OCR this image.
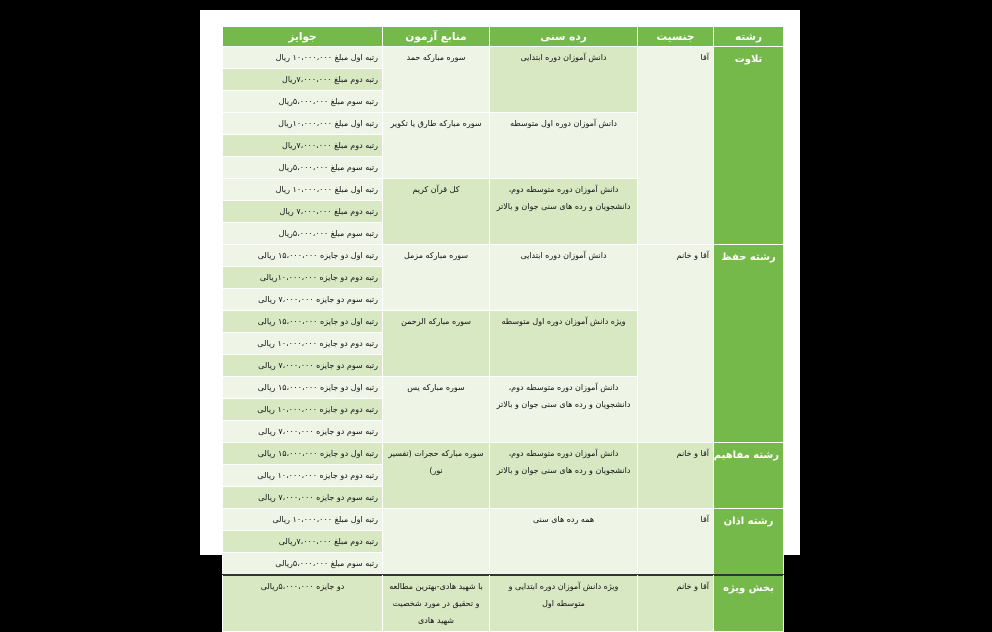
رشته	جنسیت	رده سنی	منابع آزمون	جوایز
تلاوت	آقا	دانش آموزان دوره ابتدایی	سوره مبارکه حمد	رتبه اول مبلغ ۱۰،۰۰۰،۰۰۰ ریال
				رتبه دوم مبلغ ۷،۰۰۰،۰۰۰ریال
				رتبه سوم مبلغ ۵،۰۰۰،۰۰۰ریال
		دانش آموزان دوره اول متوسطه	سوره مبارکه طارق یا تکویر	رتبه اول مبلغ ۱۰،۰۰۰،۰۰۰ریال
				رتبه دوم مبلغ ۷،۰۰۰،۰۰۰ریال
				رتبه سوم مبلغ ۵،۰۰۰،۰۰۰ریال
		دانش آموزان دوره متوسطه دوم، دانشجویان و رده های سنی جوان و بالاتر	کل قرآن کریم	رتبه اول مبلغ ۱۰،۰۰۰،۰۰۰ ریال
				رتبه دوم مبلغ ۷،۰۰۰،۰۰۰ ریال
				رتبه سوم مبلغ ۵،۰۰۰،۰۰۰ریال
رشته حفظ	آقا و خانم	دانش آموزان دوره ابتدایی	سوره مبارکه مزمل	رتبه اول دو جایزه ۱۵،۰۰۰،۰۰۰ ریالی
				رتبه دوم دو جایزه ۱۰،۰۰۰،۰۰۰ریالی
				رتبه سوم دو جایزه ۷،۰۰۰،۰۰۰ ریالی
		ویژه دانش آموزان دوره اول متوسطه	سوره مبارکه الرحمن	رتبه اول دو جایزه ۱۵،۰۰۰،۰۰۰ ریالی
				رتبه دوم دو جایزه ۱۰،۰۰۰،۰۰۰ ریالی
				رتبه سوم دو جایزه ۷،۰۰۰،۰۰۰ ریالی
		دانش آموزان دوره متوسطه دوم، دانشجویان و رده های سنی جوان و بالاتر	سوره مبارکه یس	رتبه اول دو جایزه ۱۵،۰۰۰،۰۰۰ ریالی
				رتبه دوم دو جایزه ۱۰،۰۰۰،۰۰۰ ریالی
				رتبه سوم دو جایزه ۷،۰۰۰،۰۰۰ ریالی
رشته مفاهیم	آقا و خانم	دانش آموزان دوره متوسطه دوم، دانشجویان و رده های سنی جوان و بالاتر	سوره مبارکه حجرات (تفسیر نور)	رتبه اول دو جایزه ۱۵،۰۰۰،۰۰۰ ریالی
				رتبه دوم دو جایزه ۱۰،۰۰۰،۰۰۰ ریالی
				رتبه سوم دو جایزه ۷،۰۰۰،۰۰۰ ریالی
رشته اذان	آقا	همه رده های سنی		رتبه اول مبلغ ۱۰،۰۰۰،۰۰۰ ریالی
				رتبه دوم مبلغ ۷،۰۰۰،۰۰۰ریالی
				رتبه سوم مبلغ ۵،۰۰۰،۰۰۰ریالی
بخش ویژه	آقا و خانم	ویژه دانش آموزان دوره ابتدایی و متوسطه اول	با شهید هادی-بهترین مطالعه و تحقیق در مورد شخصیت شهید هادی	دو جایزه ۵،۰۰۰،۰۰۰ریالی
